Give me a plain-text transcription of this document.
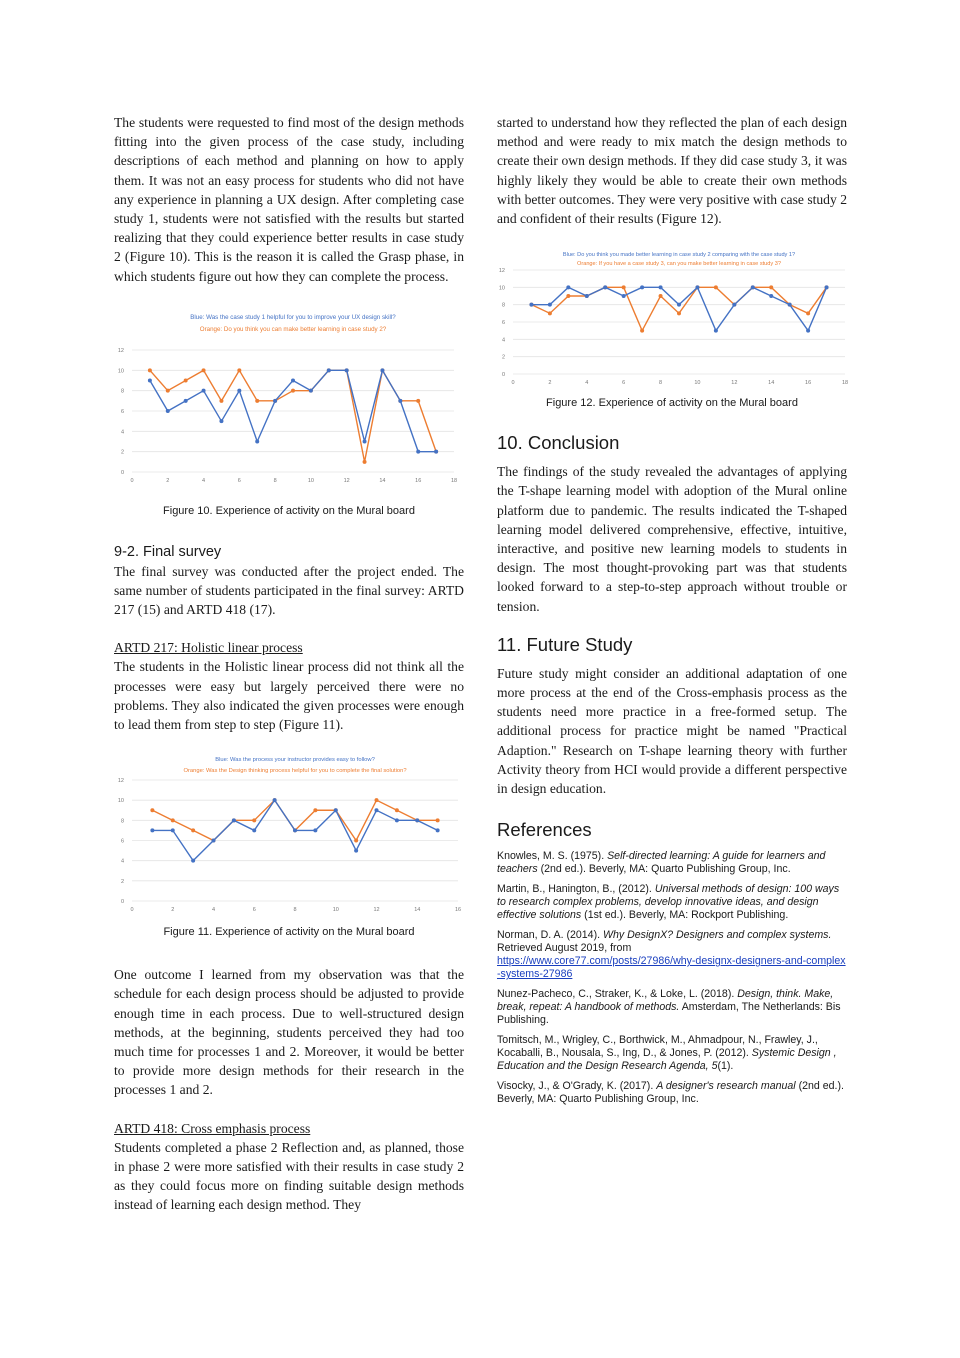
The students were requested to find most of the design methods fitting into the given process of the case study, including descriptions of each method and planning on how to apply them. It was not an easy process for students who did not have any experience in planning a UX design. After completing case study 1, students were not satisfied with the results but started realizing that they could experience better results in case study 2 (Figure 10). This is the reason it is called the Grasp phase, in which students figure out how they can complete the process.

Blue: Was the case study 1 helpful for you to improve your UX design skill?
Orange: Do you think you can make better learning in case study 2?
0
2
4
6
8
10
12
0	2	4	6	8	10	12	14	16	18

Figure 10. Experience of activity on the Mural board

9-2. Final survey

The final survey was conducted after the project ended. The same number of students participated in the final survey: ARTD 217 (15) and ARTD 418 (17).

ARTD 217: Holistic linear process

The students in the Holistic linear process did not think all the processes were easy but largely perceived there were no problems. They also indicated the given processes were enough to lead them from step to step (Figure 11).

Blue: Was the process your instructor provides easy to follow?
Orange: Was the Design thinking process helpful for you to complete the final solution?
0
2
4
6
8
10
12
0	2	4	6	8	10	12	14	16

Figure 11. Experience of activity on the Mural board

One outcome I learned from my observation was that the schedule for each design process should be adjusted to provide enough time in each process. Due to well-structured design methods, at the beginning, students perceived they had too much time for processes 1 and 2. Moreover, it would be better to provide more design methods for their research in the processes 1 and 2.

ARTD 418: Cross emphasis process

Students completed a phase 2 Reflection and, as planned, those in phase 2 were more satisfied with their results in case study 2 as they could focus more on finding suitable design methods instead of learning each design method. They

started to understand how they reflected the plan of each design method and were ready to mix match the design methods to create their own design methods. If they did case study 3, it was highly likely they would be able to create their own methods with better outcomes. They were very positive with case study 2 and confident of their results (Figure 12).

Blue: Do you think you made better learning in case study 2 comparing with the case study 1?
Orange: If you have a case study 3, can you make better learning in case study 3?
0
2
4
6
8
10
12
0	2	4	6	8	10	12	14	16	18

Figure 12. Experience of activity on the Mural board

10. Conclusion

The findings of the study revealed the advantages of applying the T-shape learning model with adoption of the Mural online platform due to pandemic. The results indicated the T-shaped learning model delivered comprehensive, effective, intuitive, interactive, and positive new learning models to students in design. The most thought-provoking part was that students looked forward to a step-to-step approach without trouble or tension.

11. Future Study

Future study might consider an additional adaptation of one more process at the end of the Cross-emphasis process as the students need more practice in a free-formed setup. The additional process for practice might be named "Practical Adaption." Research on T-shape learning theory with further Activity theory from HCI would provide a different perspective in design education.

References

Knowles, M. S. (1975). Self-directed learning: A guide for learners and teachers (2nd ed.). Beverly, MA: Quarto Publishing Group, Inc.

Martin, B., Hanington, B., (2012). Universal methods of design: 100 ways to research complex problems, develop innovative ideas, and design effective solutions (1st ed.). Beverly, MA: Rockport Publishing.

Norman, D. A. (2014). Why DesignX? Designers and complex systems. Retrieved August 2019, from
https://www.core77.com/posts/27986/why-designx-designers-and-complex-systems-27986

Nunez-Pacheco, C., Straker, K., & Loke, L. (2018). Design, think. Make, break, repeat: A handbook of methods. Amsterdam, The Netherlands: Bis Publishing.

Tomitsch, M., Wrigley, C., Borthwick, M., Ahmadpour, N., Frawley, J., Kocaballi, B., Nousala, S., Ing, D., & Jones, P. (2012). Systemic Design , Education and the Design Research Agenda, 5(1).

Visocky, J., & O'Grady, K. (2017). A designer's research manual (2nd ed.). Beverly, MA: Quarto Publishing Group, Inc.
